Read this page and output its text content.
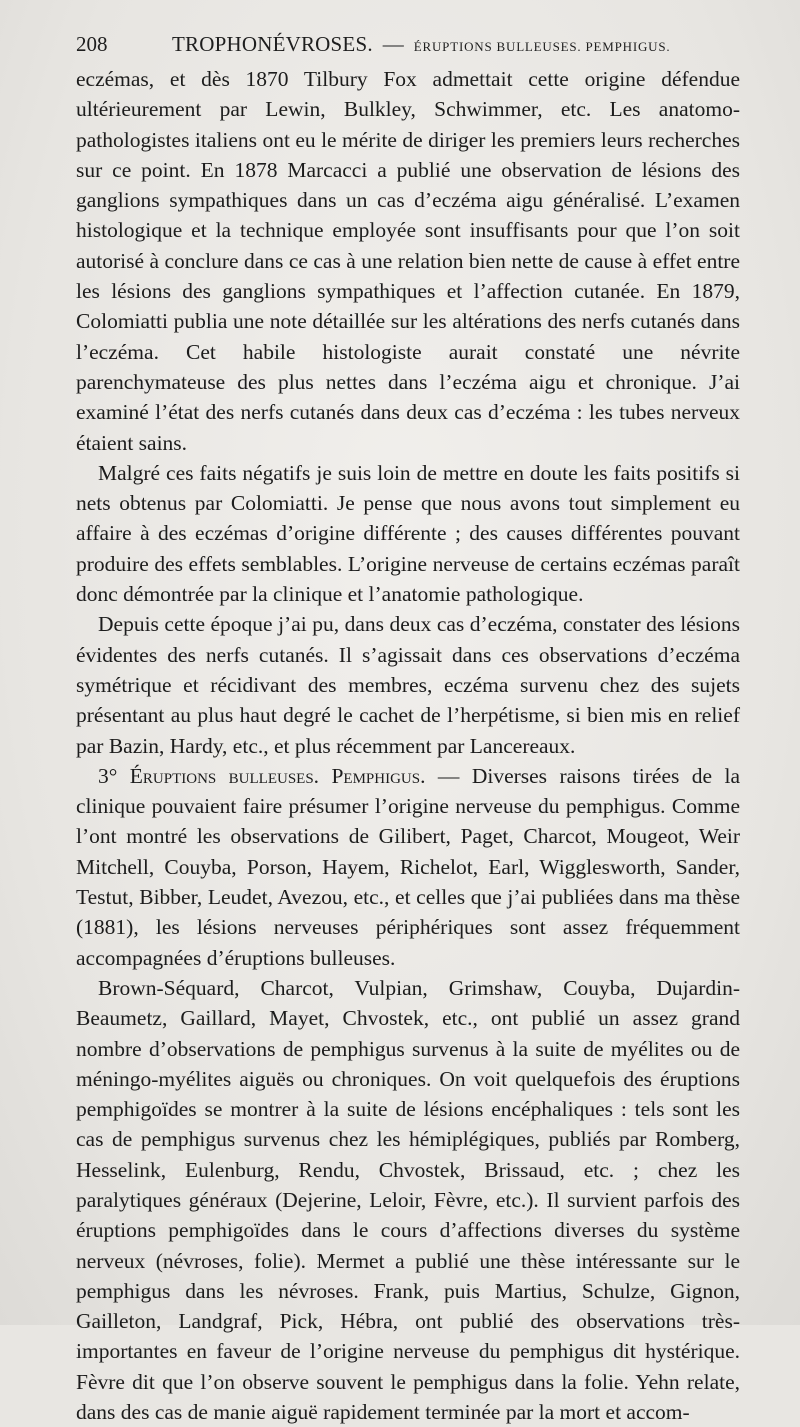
208	TROPHONÉVROSES. — ÉRUPTIONS BULLEUSES. PEMPHIGUS.

eczémas, et dès 1870 Tilbury Fox admettait cette origine défendue ultérieurement par Lewin, Bulkley, Schwimmer, etc. Les anatomo-pathologistes italiens ont eu le mérite de diriger les premiers leurs recherches sur ce point. En 1878 Marcacci a publié une observation de lésions des ganglions sympathiques dans un cas d’eczéma aigu généralisé. L’examen histologique et la technique employée sont insuffisants pour que l’on soit autorisé à conclure dans ce cas à une relation bien nette de cause à effet entre les lésions des ganglions sympathiques et l’affection cutanée. En 1879, Colomiatti publia une note détaillée sur les altérations des nerfs cutanés dans l’eczéma. Cet habile histologiste aurait constaté une névrite parenchymateuse des plus nettes dans l’eczéma aigu et chronique. J’ai examiné l’état des nerfs cutanés dans deux cas d’eczéma : les tubes nerveux étaient sains.

Malgré ces faits négatifs je suis loin de mettre en doute les faits positifs si nets obtenus par Colomiatti. Je pense que nous avons tout simplement eu affaire à des eczémas d’origine différente ; des causes différentes pouvant produire des effets semblables. L’origine nerveuse de certains eczémas paraît donc démontrée par la clinique et l’anatomie pathologique.

Depuis cette époque j’ai pu, dans deux cas d’eczéma, constater des lésions évidentes des nerfs cutanés. Il s’agissait dans ces observations d’eczéma symétrique et récidivant des membres, eczéma survenu chez des sujets présentant au plus haut degré le cachet de l’herpétisme, si bien mis en relief par Bazin, Hardy, etc., et plus récemment par Lancereaux.

3° Éruptions bulleuses. Pemphigus. — Diverses raisons tirées de la clinique pouvaient faire présumer l’origine nerveuse du pemphigus. Comme l’ont montré les observations de Gilibert, Paget, Charcot, Mougeot, Weir Mitchell, Couyba, Porson, Hayem, Richelot, Earl, Wigglesworth, Sander, Testut, Bibber, Leudet, Avezou, etc., et celles que j’ai publiées dans ma thèse (1881), les lésions nerveuses périphériques sont assez fréquemment accompagnées d’éruptions bulleuses.

Brown-Séquard, Charcot, Vulpian, Grimshaw, Couyba, Dujardin-Beaumetz, Gaillard, Mayet, Chvostek, etc., ont publié un assez grand nombre d’observations de pemphigus survenus à la suite de myélites ou de méningo-myélites aiguës ou chroniques. On voit quelquefois des éruptions pemphigoïdes se montrer à la suite de lésions encéphaliques : tels sont les cas de pemphigus survenus chez les hémiplégiques, publiés par Romberg, Hesselink, Eulenburg, Rendu, Chvostek, Brissaud, etc. ; chez les paralytiques généraux (Dejerine, Leloir, Fèvre, etc.). Il survient parfois des éruptions pemphigoïdes dans le cours d’affections diverses du système nerveux (névroses, folie). Mermet a publié une thèse intéressante sur le pemphigus dans les névroses. Frank, puis Martius, Schulze, Gignon, Gailleton, Landgraf, Pick, Hébra, ont publié des observations très-importantes en faveur de l’origine nerveuse du pemphigus dit hystérique. Fèvre dit que l’on observe souvent le pemphigus dans la folie. Yehn relate, dans des cas de manie aiguë rapidement terminée par la mort et accom-
